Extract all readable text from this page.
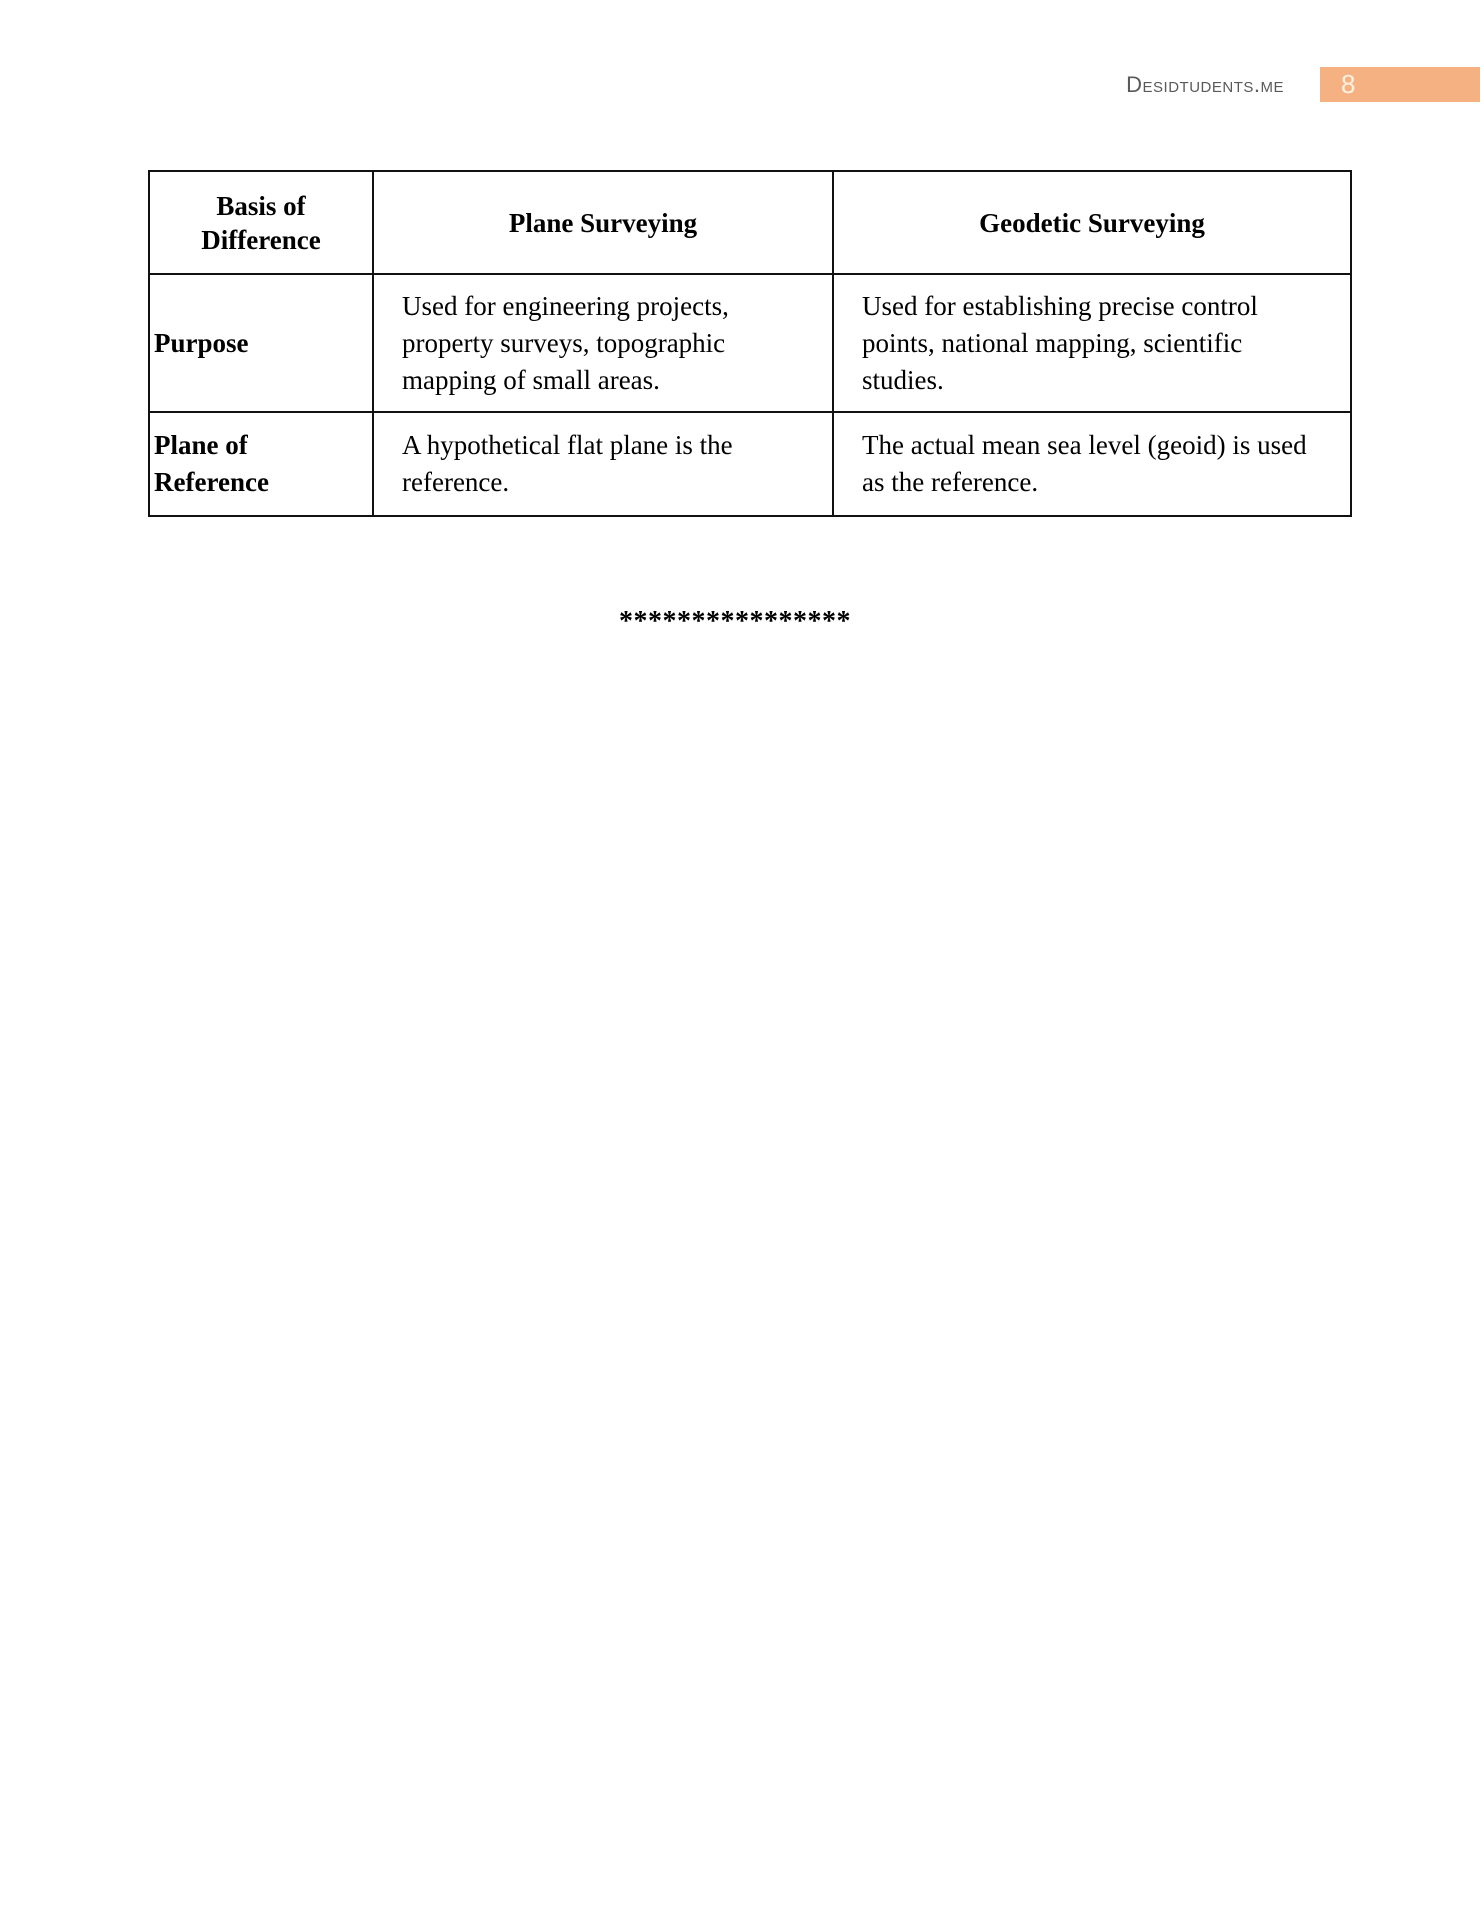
Desidtudents.me	8
Basis of Difference	Plane Surveying	Geodetic Surveying
Purpose	Used for engineering projects, property surveys, topographic mapping of small areas.	Used for establishing precise control points, national mapping, scientific studies.
Plane of Reference	A hypothetical flat plane is the reference.	The actual mean sea level (geoid) is used as the reference.
****************
